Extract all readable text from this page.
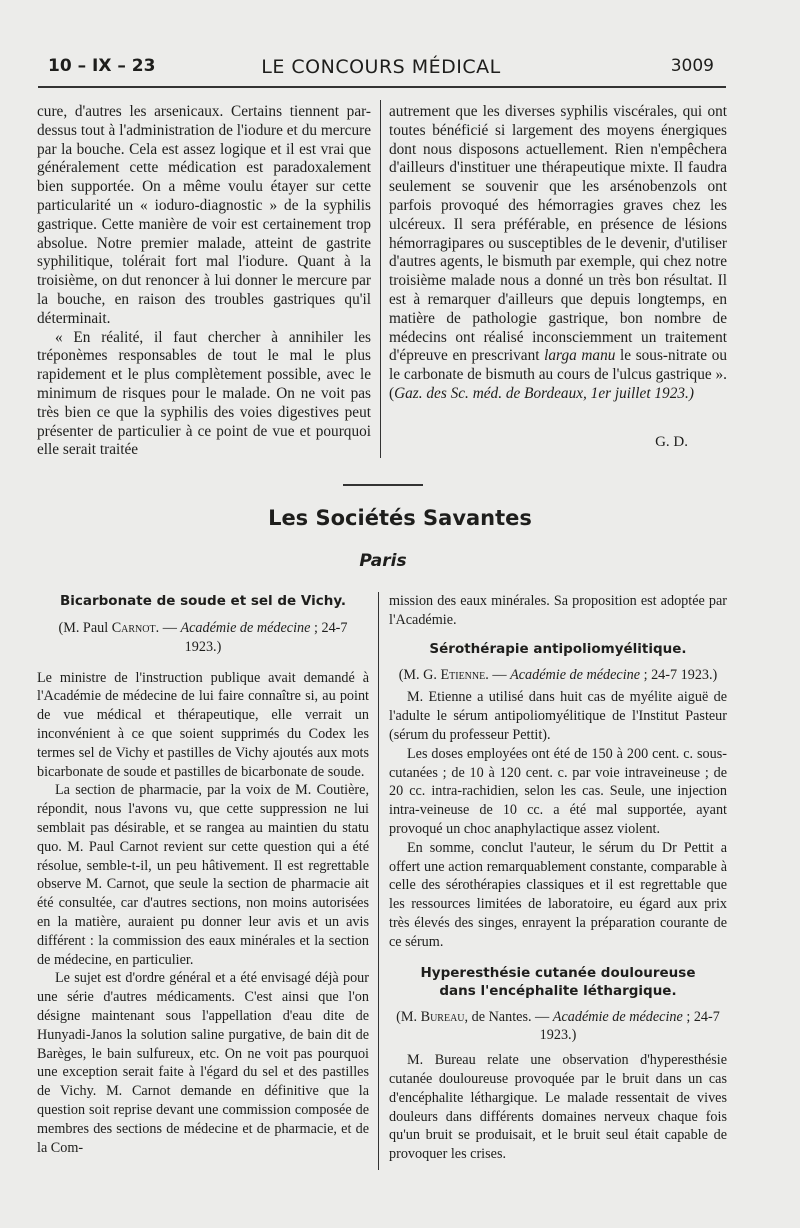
10 – IX – 23	LE CONCOURS MÉDICAL	3009

cure, d'autres les arsenicaux. Certains tiennent par-dessus tout à l'administration de l'iodure et du mercure par la bouche. Cela est assez logique et il est vrai que généralement cette médication est paradoxalement bien supportée. On a même voulu étayer sur cette particularité un « ioduro-diagnostic » de la syphilis gastrique. Cette manière de voir est certainement trop absolue. Notre premier malade, atteint de gastrite syphilitique, tolérait fort mal l'iodure. Quant à la troisième, on dut renoncer à lui donner le mercure par la bouche, en raison des troubles gastriques qu'il déterminait.

« En réalité, il faut chercher à annihiler les tréponèmes responsables de tout le mal le plus rapidement et le plus complètement possible, avec le minimum de risques pour le malade. On ne voit pas très bien ce que la syphilis des voies digestives peut présenter de particulier à ce point de vue et pourquoi elle serait traitée

autrement que les diverses syphilis viscérales, qui ont toutes bénéficié si largement des moyens énergiques dont nous disposons actuellement. Rien n'empêchera d'ailleurs d'instituer une thérapeutique mixte. Il faudra seulement se souvenir que les arsénobenzols ont parfois provoqué des hémorragies graves chez les ulcéreux. Il sera préférable, en présence de lésions hémorragipares ou susceptibles de le devenir, d'utiliser d'autres agents, le bismuth par exemple, qui chez notre troisième malade nous a donné un très bon résultat. Il est à remarquer d'ailleurs que depuis longtemps, en matière de pathologie gastrique, bon nombre de médecins ont réalisé inconsciemment un traitement d'épreuve en prescrivant larga manu le sous-nitrate ou le carbonate de bismuth au cours de l'ulcus gastrique ». (Gaz. des Sc. méd. de Bordeaux, 1er juillet 1923.)

G. D.
Les Sociétés Savantes
Paris

Bicarbonate de soude et sel de Vichy.

(M. Paul Carnot. — Académie de médecine ; 24-7 1923.)

Le ministre de l'instruction publique avait demandé à l'Académie de médecine de lui faire connaître si, au point de vue médical et thérapeutique, elle verrait un inconvénient à ce que soient supprimés du Codex les termes sel de Vichy et pastilles de Vichy ajoutés aux mots bicarbonate de soude et pastilles de bicarbonate de soude.

La section de pharmacie, par la voix de M. Coutière, répondit, nous l'avons vu, que cette suppression ne lui semblait pas désirable, et se rangea au maintien du statu quo. M. Paul Carnot revient sur cette question qui a été résolue, semble-t-il, un peu hâtivement. Il est regrettable observe M. Carnot, que seule la section de pharmacie ait été consultée, car d'autres sections, non moins autorisées en la matière, auraient pu donner leur avis et un avis différent : la commission des eaux minérales et la section de médecine, en particulier.

Le sujet est d'ordre général et a été envisagé déjà pour une série d'autres médicaments. C'est ainsi que l'on désigne maintenant sous l'appellation d'eau dite de Hunyadi-Janos la solution saline purgative, de bain dit de Barèges, le bain sulfureux, etc. On ne voit pas pourquoi une exception serait faite à l'égard du sel et des pastilles de Vichy. M. Carnot demande en définitive que la question soit reprise devant une commission composée de membres des sections de médecine et de pharmacie, et de la Com-

mission des eaux minérales. Sa proposition est adoptée par l'Académie.

Sérothérapie antipoliomyélitique.

(M. G. Etienne. — Académie de médecine ; 24-7 1923.)

M. Etienne a utilisé dans huit cas de myélite aiguë de l'adulte le sérum antipoliomyélitique de l'Institut Pasteur (sérum du professeur Pettit).

Les doses employées ont été de 150 à 200 cent. c. sous-cutanées ; de 10 à 120 cent. c. par voie intraveineuse ; de 20 cc. intra-rachidien, selon les cas. Seule, une injection intra-veineuse de 10 cc. a été mal supportée, ayant provoqué un choc anaphylactique assez violent.

En somme, conclut l'auteur, le sérum du Dr Pettit a offert une action remarquablement constante, comparable à celle des sérothérapies classiques et il est regrettable que les ressources limitées de laboratoire, eu égard aux prix très élevés des singes, enrayent la préparation courante de ce sérum.

Hyperesthésie cutanée douloureuse

dans l'encéphalite léthargique.

(M. Bureau, de Nantes. — Académie de médecine ; 24-7 1923.)

M. Bureau relate une observation d'hyperesthésie cutanée douloureuse provoquée par le bruit dans un cas d'encéphalite léthargique. Le malade ressentait de vives douleurs dans différents domaines nerveux chaque fois qu'un bruit se produisait, et le bruit seul était capable de provoquer les crises.
